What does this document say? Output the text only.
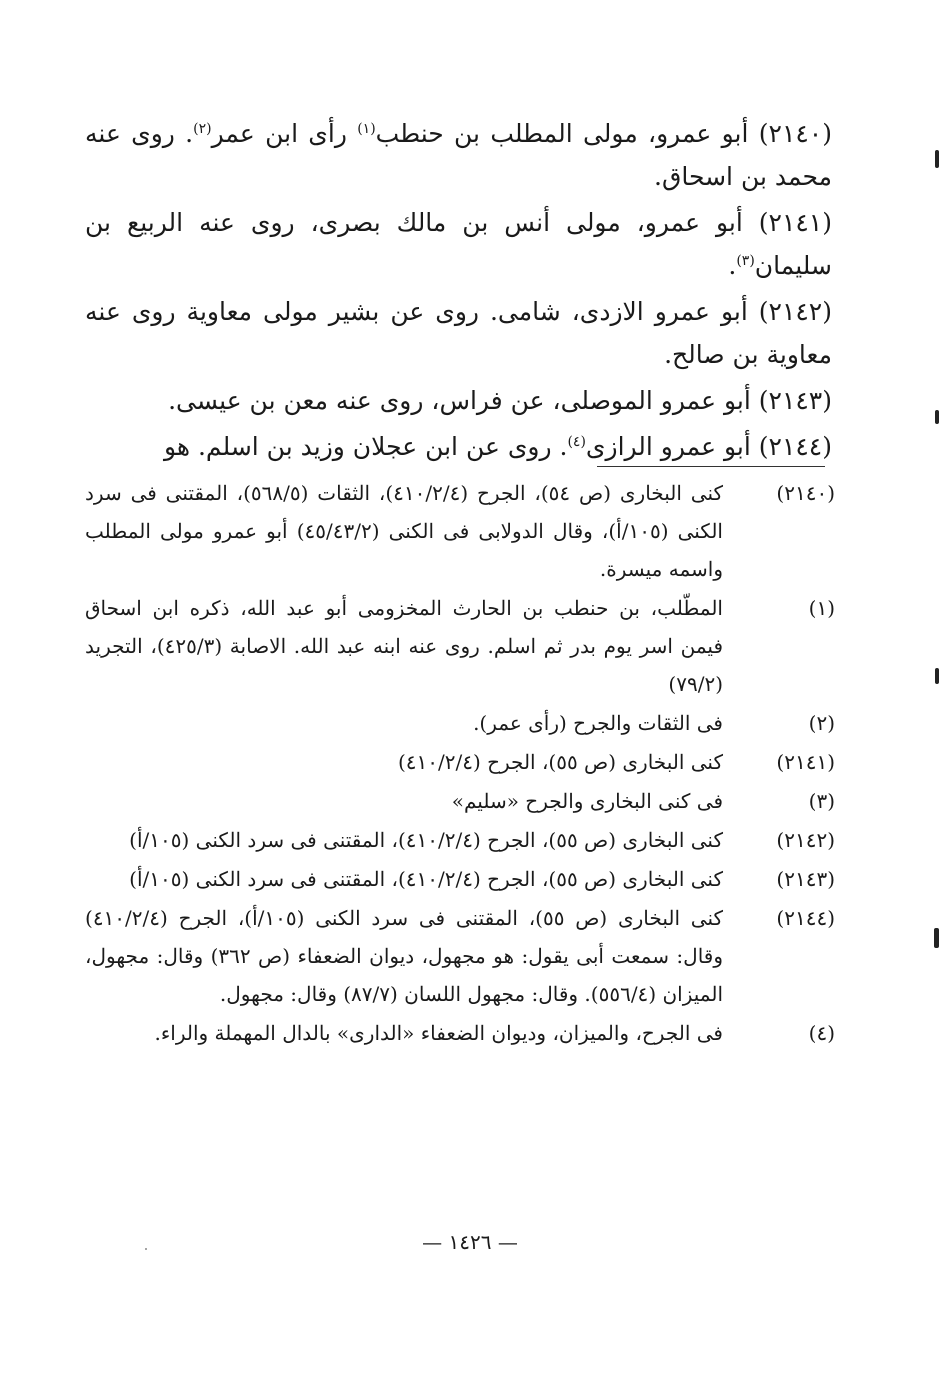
(٢١٤٠) أبو عمرو، مولى المطلب بن حنطب$^{(١)}$ رأى ابن عمر$^{(٢)}$. روى عنه محمد بن اسحاق.

(٢١٤١) أبو عمرو، مولى أنس بن مالك بصرى، روى عنه الربيع بن سليمان$^{(٣)}$.

(٢١٤٢) أبو عمرو الازدى، شامى. روى عن بشير مولى معاوية روى عنه معاوية بن صالح.

(٢١٤٣) أبو عمرو الموصلى، عن فراس، روى عنه معن بن عيسى.

(٢١٤٤) أبو عمرو الرازى$^{(٤)}$. روى عن ابن عجلان وزيد بن اسلم. هو

(٢١٤٠)
كنى البخارى (ص ٥٤)، الجرح (٤١٠/٢/٤)، الثقات (٥٦٨/٥)، المقتنى فى سرد الكنى (١٠٥/أ)، وقال الدولابى فى الكنى (٤٥/٤٣/٢) أبو عمرو مولى المطلب واسمه ميسرة.
(١)
المطّلب، بن حنطب بن الحارث المخزومى أبو عبد الله، ذكره ابن اسحاق فيمن اسر يوم بدر ثم اسلم. روى عنه ابنه عبد الله. الاصابة (٤٢٥/٣)، التجريد (٧٩/٢)
(٢)
فى الثقات والجرح (رأى عمر).
(٢١٤١)
كنى البخارى (ص ٥٥)، الجرح (٤١٠/٢/٤)
(٣)
فى كنى البخارى والجرح «سليم»
(٢١٤٢)
كنى البخارى (ص ٥٥)، الجرح (٤١٠/٢/٤)، المقتنى فى سرد الكنى (١٠٥/أ)
(٢١٤٣)
كنى البخارى (ص ٥٥)، الجرح (٤١٠/٢/٤)، المقتنى فى سرد الكنى (١٠٥/أ)
(٢١٤٤)
كنى البخارى (ص ٥٥)، المقتنى فى سرد الكنى (١٠٥/أ)، الجرح (٤١٠/٢/٤) وقال: سمعت أبى يقول: هو مجهول، ديوان الضعفاء (ص ٣٦٢) وقال: مجهول، الميزان (٥٥٦/٤). وقال: مجهول اللسان (٨٧/٧) وقال: مجهول.
(٤)
فى الجرح، والميزان، وديوان الضعفاء «الدارى» بالدال المهملة والراء.
— ١٤٢٦ —
